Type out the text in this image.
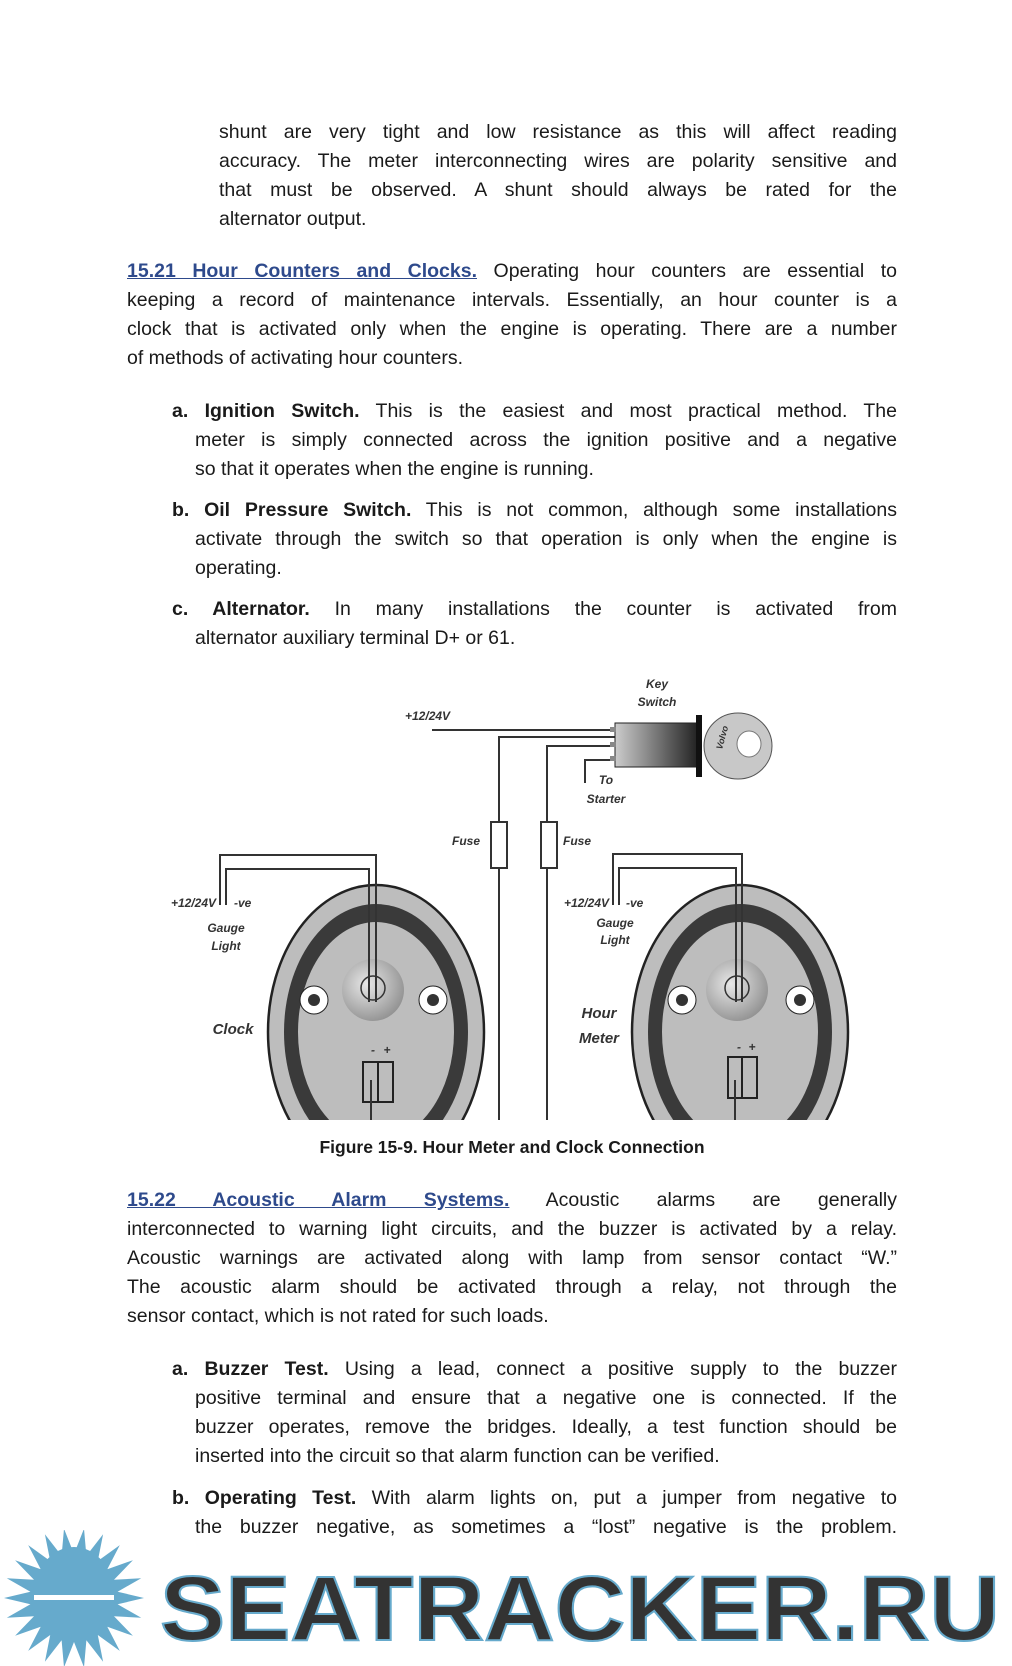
shunt are very tight and low resistance as this will affect reading
accuracy. The meter interconnecting wires are polarity sensitive and
that must be observed. A shunt should always be rated for the
alternator output.
15.21 Hour Counters and Clocks. Operating hour counters are essential to
keeping a record of maintenance intervals. Essentially, an hour counter is a
clock that is activated only when the engine is operating. There are a number
of methods of activating hour counters.
a. Ignition Switch. This is the easiest and most practical method. The
meter is simply connected across the ignition positive and a negative
so that it operates when the engine is running.
b. Oil Pressure Switch. This is not common, although some installations
activate through the switch so that operation is only when the engine is
operating.
c. Alternator. In many installations the counter is activated from
alternator auxiliary terminal D+ or 61.
Volvo
+12/24V
Key
Switch
To
Starter
Fuse	Fuse
+12/24V -ve
Gauge
Light
Clock
- +
+12/24V -ve
Gauge
Light
Hour
Meter	- +
Figure 15-9. Hour Meter and Clock Connection
15.22 Acoustic Alarm Systems. Acoustic alarms are generally
interconnected to warning light circuits, and the buzzer is activated by a relay.
Acoustic warnings are activated along with lamp from sensor contact “W.”
The acoustic alarm should be activated through a relay, not through the
sensor contact, which is not rated for such loads.
a. Buzzer Test. Using a lead, connect a positive supply to the buzzer
positive terminal and ensure that a negative one is connected. If the
buzzer operates, remove the bridges. Ideally, a test function should be
inserted into the circuit so that alarm function can be verified.
b. Operating Test. With alarm lights on, put a jumper from negative to
the buzzer negative, as sometimes a “lost” negative is the problem.
SEATRACKER.RU
